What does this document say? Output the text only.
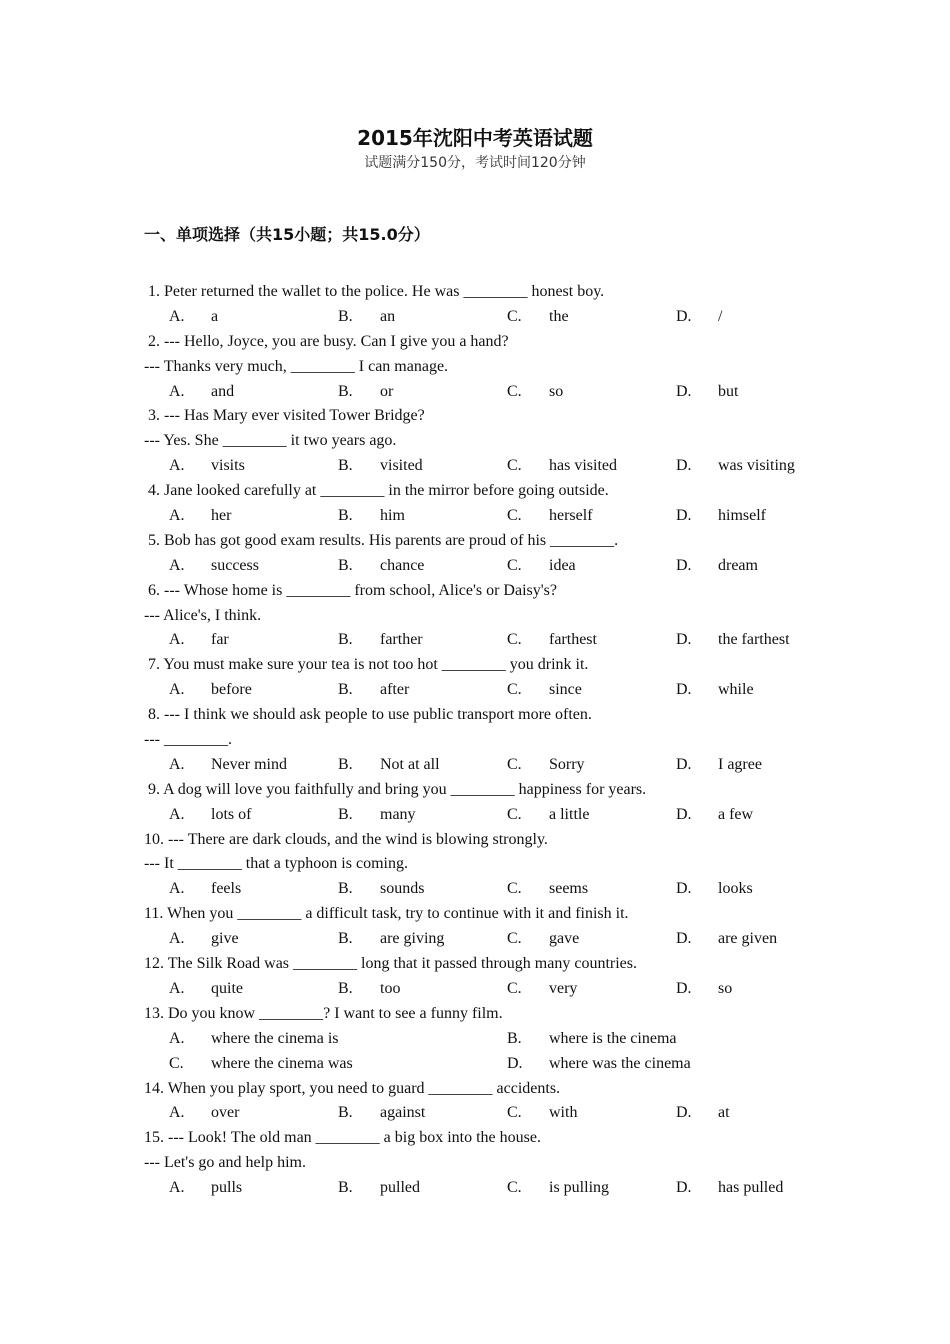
2015年沈阳中考英语试题
试题满分150分，考试时间120分钟
一、单项选择（共15小题；共15.0分）
1. Peter returned the wallet to the police. He was ________ honest boy.
A. a	B. an	C. the	D. /
2. --- Hello, Joyce, you are busy. Can I give you a hand?
--- Thanks very much, ________ I can manage.
A. and	B. or	C. so	D. but
3. --- Has Mary ever visited Tower Bridge?
--- Yes. She ________ it two years ago.
A. visits	B. visited	C. has visited	D. was visiting
4. Jane looked carefully at ________ in the mirror before going outside.
A. her	B. him	C. herself	D. himself
5. Bob has got good exam results. His parents are proud of his ________.
A. success	B. chance	C. idea	D. dream
6. --- Whose home is ________ from school, Alice's or Daisy's?
--- Alice's, I think.
A. far	B. farther	C. farthest	D. the farthest
7. You must make sure your tea is not too hot ________ you drink it.
A. before	B. after	C. since	D. while
8. --- I think we should ask people to use public transport more often.
--- ________.
A. Never mind	B. Not at all	C. Sorry	D. I agree
9. A dog will love you faithfully and bring you ________ happiness for years.
A. lots of	B. many	C. a little	D. a few
10. --- There are dark clouds, and the wind is blowing strongly.
--- It ________ that a typhoon is coming.
A. feels	B. sounds	C. seems	D. looks
11. When you ________ a difficult task, try to continue with it and finish it.
A. give	B. are giving	C. gave	D. are given
12. The Silk Road was ________ long that it passed through many countries.
A. quite	B. too	C. very	D. so
13. Do you know ________? I want to see a funny film.
A. where the cinema is	B. where is the cinema
C. where the cinema was	D. where was the cinema
14. When you play sport, you need to guard ________ accidents.
A. over	B. against	C. with	D. at
15. --- Look! The old man ________ a big box into the house.
--- Let's go and help him.
A. pulls	B. pulled	C. is pulling	D. has pulled
